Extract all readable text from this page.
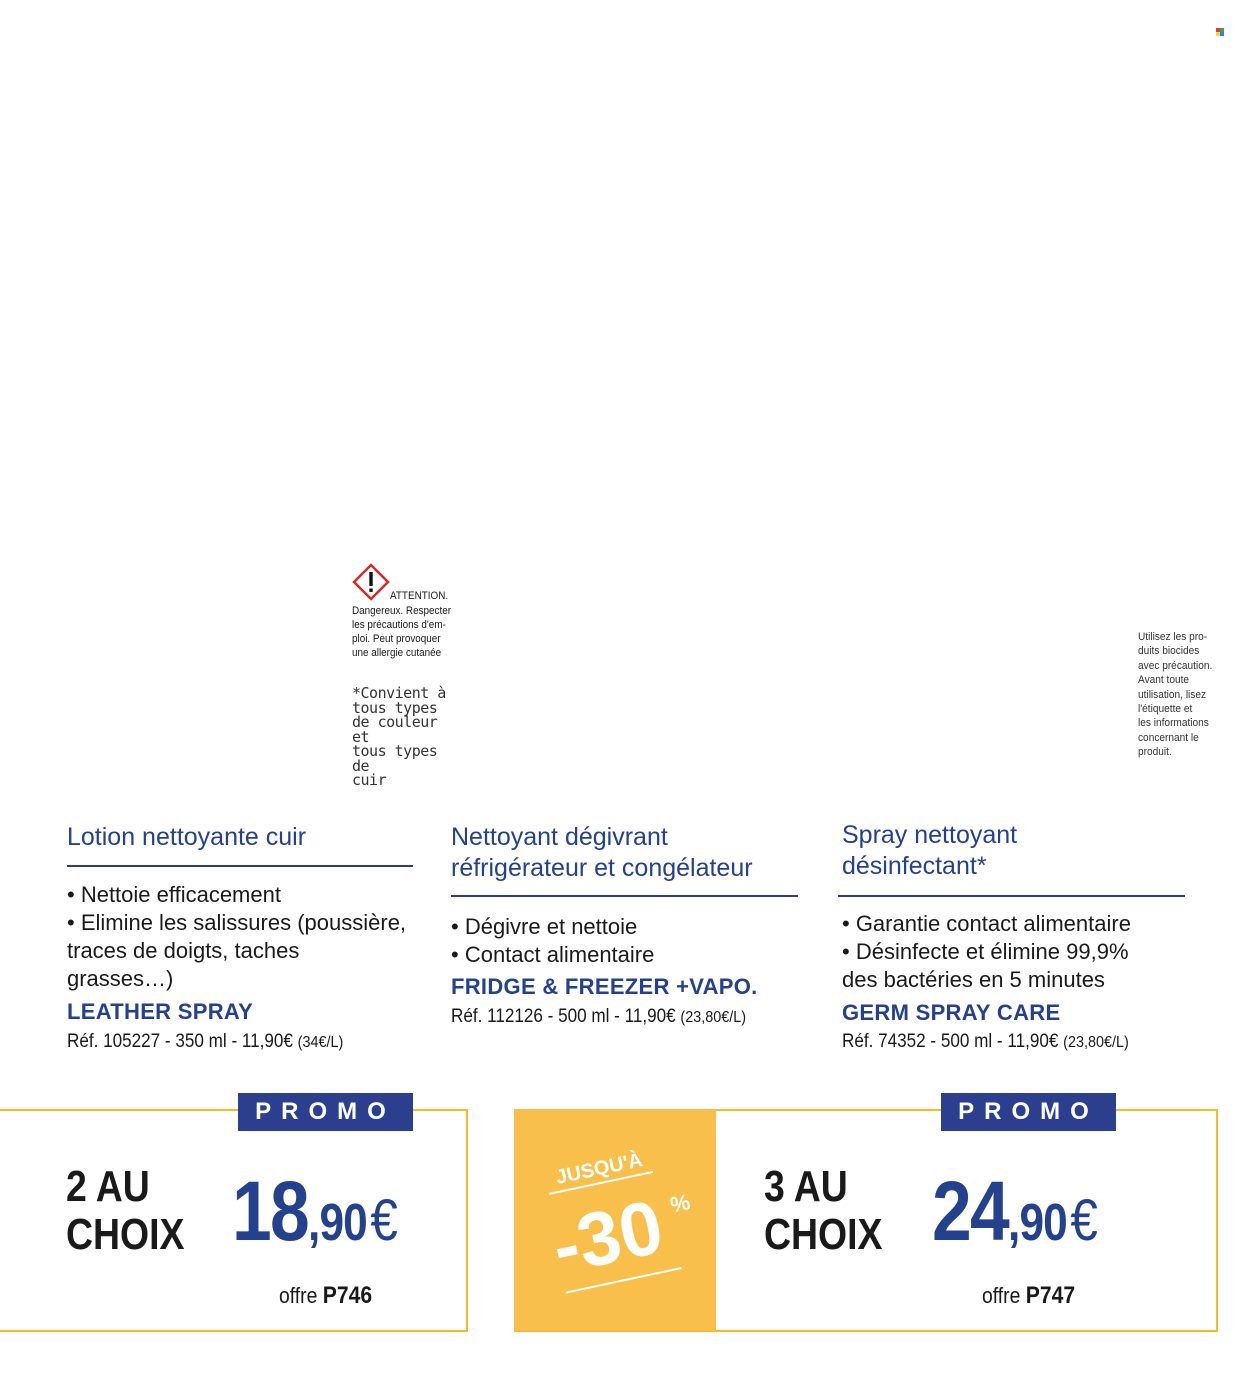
ATTENTION.
Dangereux. Respecter
les précautions d'em-
ploi. Peut provoquer
une allergie cutanée
*Convient à
tous types
de couleur et
tous types de
cuir
Utilisez les pro-
duits biocides
avec précaution.
Avant toute
utilisation, lisez
l'étiquette et
les informations
concernant le
produit.
Lotion nettoyante cuir
• Nettoie efficacement
• Elimine les salissures (poussière,
traces de doigts, taches
grasses…)
LEATHER SPRAY
Réf. 105227 - 350 ml - 11,90€ (34€/L)
Nettoyant dégivrant
réfrigérateur et congélateur
• Dégivre et nettoie
• Contact alimentaire
FRIDGE & FREEZER +VAPO.
Réf. 112126 - 500 ml - 11,90€ (23,80€/L)
Spray nettoyant
désinfectant*
• Garantie contact alimentaire
• Désinfecte et élimine 99,9%
des bactéries en 5 minutes
GERM SPRAY CARE
Réf. 74352 - 500 ml - 11,90€ (23,80€/L)
PROMO
2 AU
CHOIX 18,90€
offre P746
JUSQU'À
-30
%
PROMO
3 AU
CHOIX 24,90€
offre P747
